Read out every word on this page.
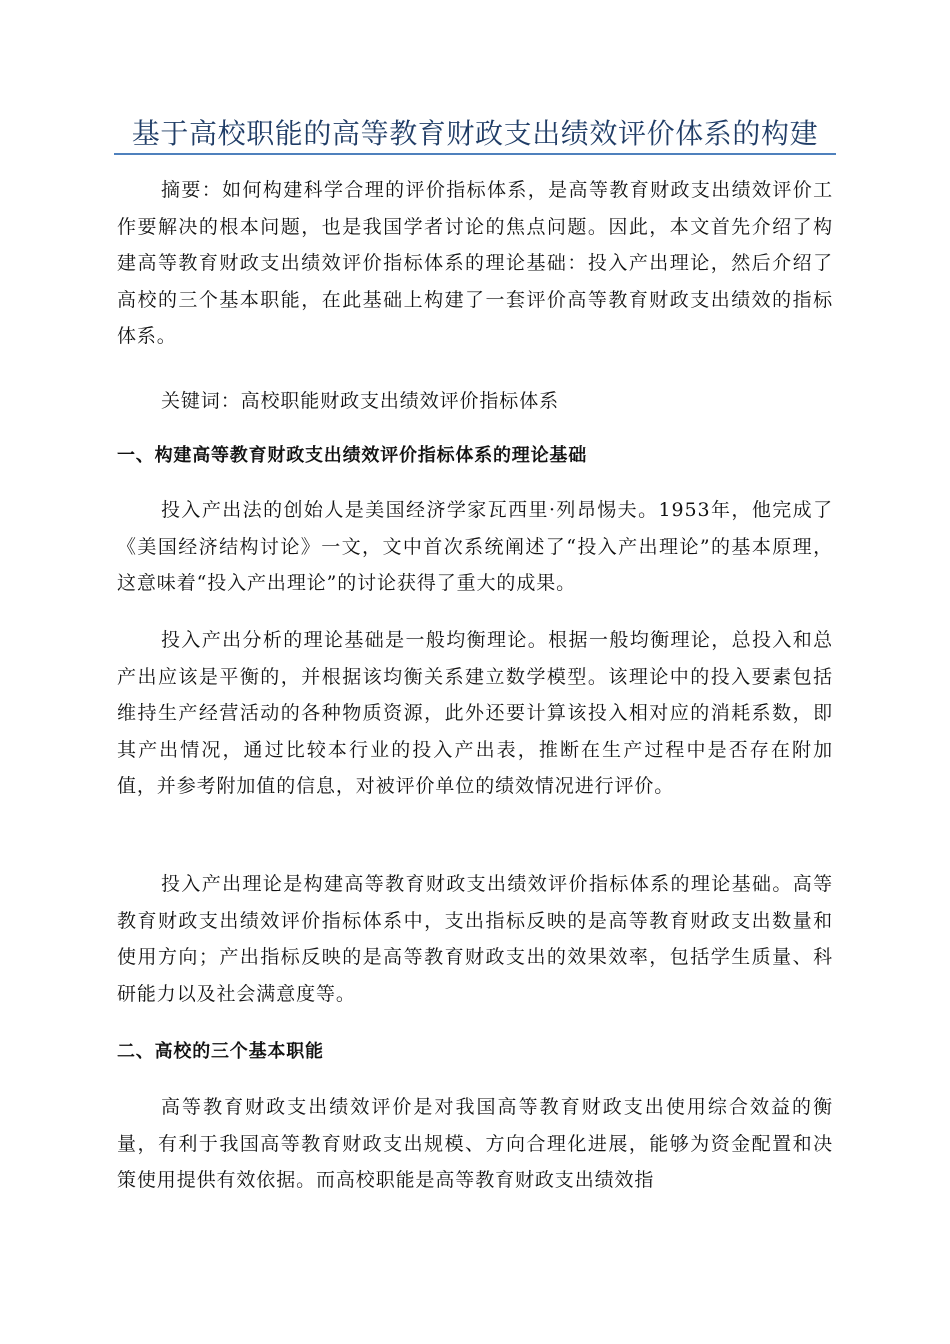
基于高校职能的高等教育财政支出绩效评价体系的构建

摘要：如何构建科学合理的评价指标体系，是高等教育财政支出绩效评价工作要解决的根本问题，也是我国学者讨论的焦点问题。因此，本文首先介绍了构建高等教育财政支出绩效评价指标体系的理论基础：投入产出理论，然后介绍了高校的三个基本职能，在此基础上构建了一套评价高等教育财政支出绩效的指标体系。

关键词：高校职能财政支出绩效评价指标体系

一、构建高等教育财政支出绩效评价指标体系的理论基础

投入产出法的创始人是美国经济学家瓦西里·列昂惕夫。1953年，他完成了《美国经济结构讨论》一文，文中首次系统阐述了“投入产出理论”的基本原理，这意味着“投入产出理论”的讨论获得了重大的成果。

投入产出分析的理论基础是一般均衡理论。根据一般均衡理论，总投入和总产出应该是平衡的，并根据该均衡关系建立数学模型。该理论中的投入要素包括维持生产经营活动的各种物质资源，此外还要计算该投入相对应的消耗系数，即其产出情况，通过比较本行业的投入产出表，推断在生产过程中是否存在附加值，并参考附加值的信息，对被评价单位的绩效情况进行评价。

投入产出理论是构建高等教育财政支出绩效评价指标体系的理论基础。高等教育财政支出绩效评价指标体系中，支出指标反映的是高等教育财政支出数量和使用方向；产出指标反映的是高等教育财政支出的效果效率，包括学生质量、科研能力以及社会满意度等。

二、高校的三个基本职能

高等教育财政支出绩效评价是对我国高等教育财政支出使用综合效益的衡量，有利于我国高等教育财政支出规模、方向合理化进展，能够为资金配置和决策使用提供有效依据。而高校职能是高等教育财政支出绩效指
